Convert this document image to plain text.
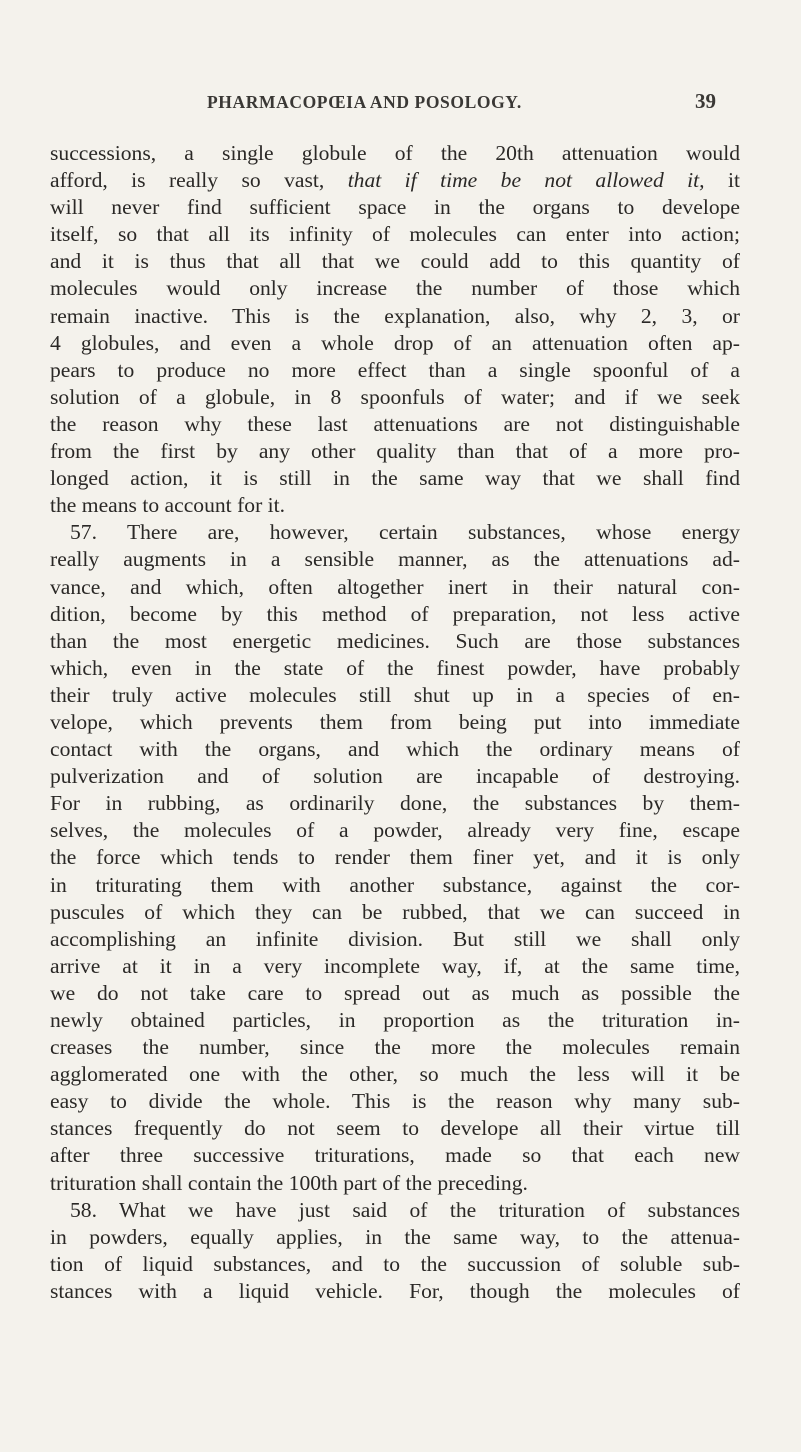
PHARMACOPŒIA AND POSOLOGY.	39
successions, a single globule of the 20th attenuation would
afford, is really so vast, that if time be not allowed it, it
will never find sufficient space in the organs to develope
itself, so that all its infinity of molecules can enter into action;
and it is thus that all that we could add to this quantity of
molecules would only increase the number of those which
remain inactive. This is the explanation, also, why 2, 3, or
4 globules, and even a whole drop of an attenuation often ap-
pears to produce no more effect than a single spoonful of a
solution of a globule, in 8 spoonfuls of water; and if we seek
the reason why these last attenuations are not distinguishable
from the first by any other quality than that of a more pro-
longed action, it is still in the same way that we shall find
the means to account for it.
57. There are, however, certain substances, whose energy
really augments in a sensible manner, as the attenuations ad-
vance, and which, often altogether inert in their natural con-
dition, become by this method of preparation, not less active
than the most energetic medicines. Such are those substances
which, even in the state of the finest powder, have probably
their truly active molecules still shut up in a species of en-
velope, which prevents them from being put into immediate
contact with the organs, and which the ordinary means of
pulverization and of solution are incapable of destroying.
For in rubbing, as ordinarily done, the substances by them-
selves, the molecules of a powder, already very fine, escape
the force which tends to render them finer yet, and it is only
in triturating them with another substance, against the cor-
puscules of which they can be rubbed, that we can succeed in
accomplishing an infinite division. But still we shall only
arrive at it in a very incomplete way, if, at the same time,
we do not take care to spread out as much as possible the
newly obtained particles, in proportion as the trituration in-
creases the number, since the more the molecules remain
agglomerated one with the other, so much the less will it be
easy to divide the whole. This is the reason why many sub-
stances frequently do not seem to develope all their virtue till
after three successive triturations, made so that each new
trituration shall contain the 100th part of the preceding.
58. What we have just said of the trituration of substances
in powders, equally applies, in the same way, to the attenua-
tion of liquid substances, and to the succussion of soluble sub-
stances with a liquid vehicle. For, though the molecules of
